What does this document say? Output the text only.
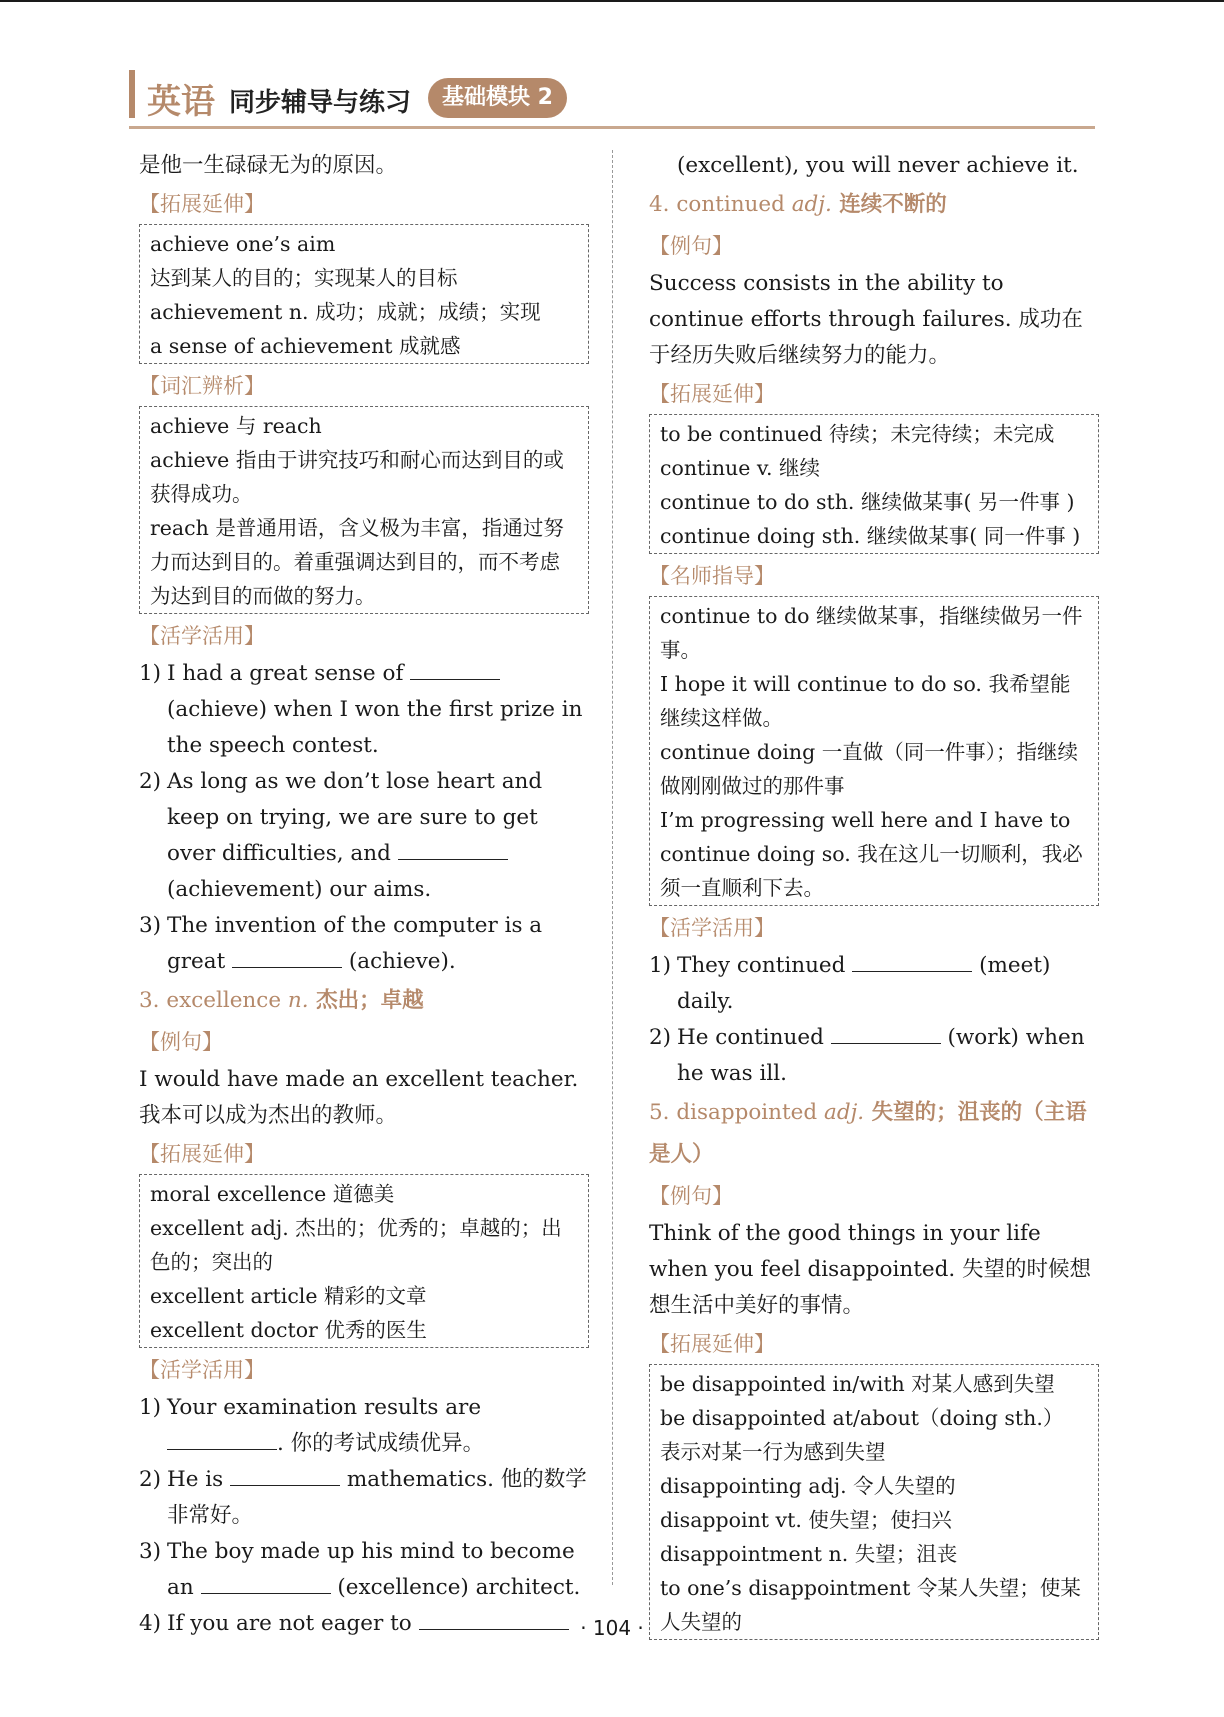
英语 同步辅导与练习	基础模块 2

是他一生碌碌无为的原因。

【拓展延伸】
achieve one’s aim
达到某人的目的；实现某人的目标
achievement n. 成功；成就；成绩；实现
a sense of achievement 成就感
【词汇辨析】
achieve 与 reach
achieve 指由于讲究技巧和耐心而达到目的或获得成功。
reach 是普通用语，含义极为丰富，指通过努力而达到目的。着重强调达到目的，而不考虑为达到目的而做的努力。
【活学活用】
1) I had a great sense of  (achieve) when I won the first prize in the speech contest.
2) As long as we don’t lose heart and keep on trying, we are sure to get over difficulties, and  (achievement) our aims.
3) The invention of the computer is a great	(achieve).
3. excellence n. 杰出；卓越
【例句】

I would have made an excellent teacher. 我本可以成为杰出的教师。

【拓展延伸】
moral excellence 道德美
excellent adj. 杰出的；优秀的；卓越的；出色的；突出的
excellent article 精彩的文章
excellent doctor 优秀的医生
【活学活用】
1) Your examination results are . 你的考试成绩优异。
2) He is	mathematics. 他的数学非常好。
3) The boy made up his mind to become an	(excellence) architect.
4) If you are not eager to

(excellent), you will never achieve it.

4. continued adj. 连续不断的
【例句】

Success consists in the ability to continue efforts through failures. 成功在于经历失败后继续努力的能力。

【拓展延伸】
to be continued 待续；未完待续；未完成
continue v. 继续
continue to do sth. 继续做某事( 另一件事 )
continue doing sth. 继续做某事( 同一件事 )
【名师指导】
continue to do 继续做某事，指继续做另一件事。
I hope it will continue to do so. 我希望能继续这样做。
continue doing 一直做（同一件事）；指继续做刚刚做过的那件事
I’m progressing well here and I have to continue doing so. 我在这儿一切顺利，我必须一直顺利下去。
【活学活用】
1) They continued	(meet) daily.
2) He continued	(work) when he was ill.
5. disappointed adj. 失望的；沮丧的（主语是人）
【例句】

Think of the good things in your life when you feel disappointed. 失望的时候想想生活中美好的事情。

【拓展延伸】
be disappointed in/with 对某人感到失望
be disappointed at/about（doing sth.）
表示对某一行为感到失望
disappointing adj. 令人失望的
disappoint vt. 使失望；使扫兴
disappointment n. 失望；沮丧
to one’s disappointment 令某人失望；使某人失望的
· 104 ·
